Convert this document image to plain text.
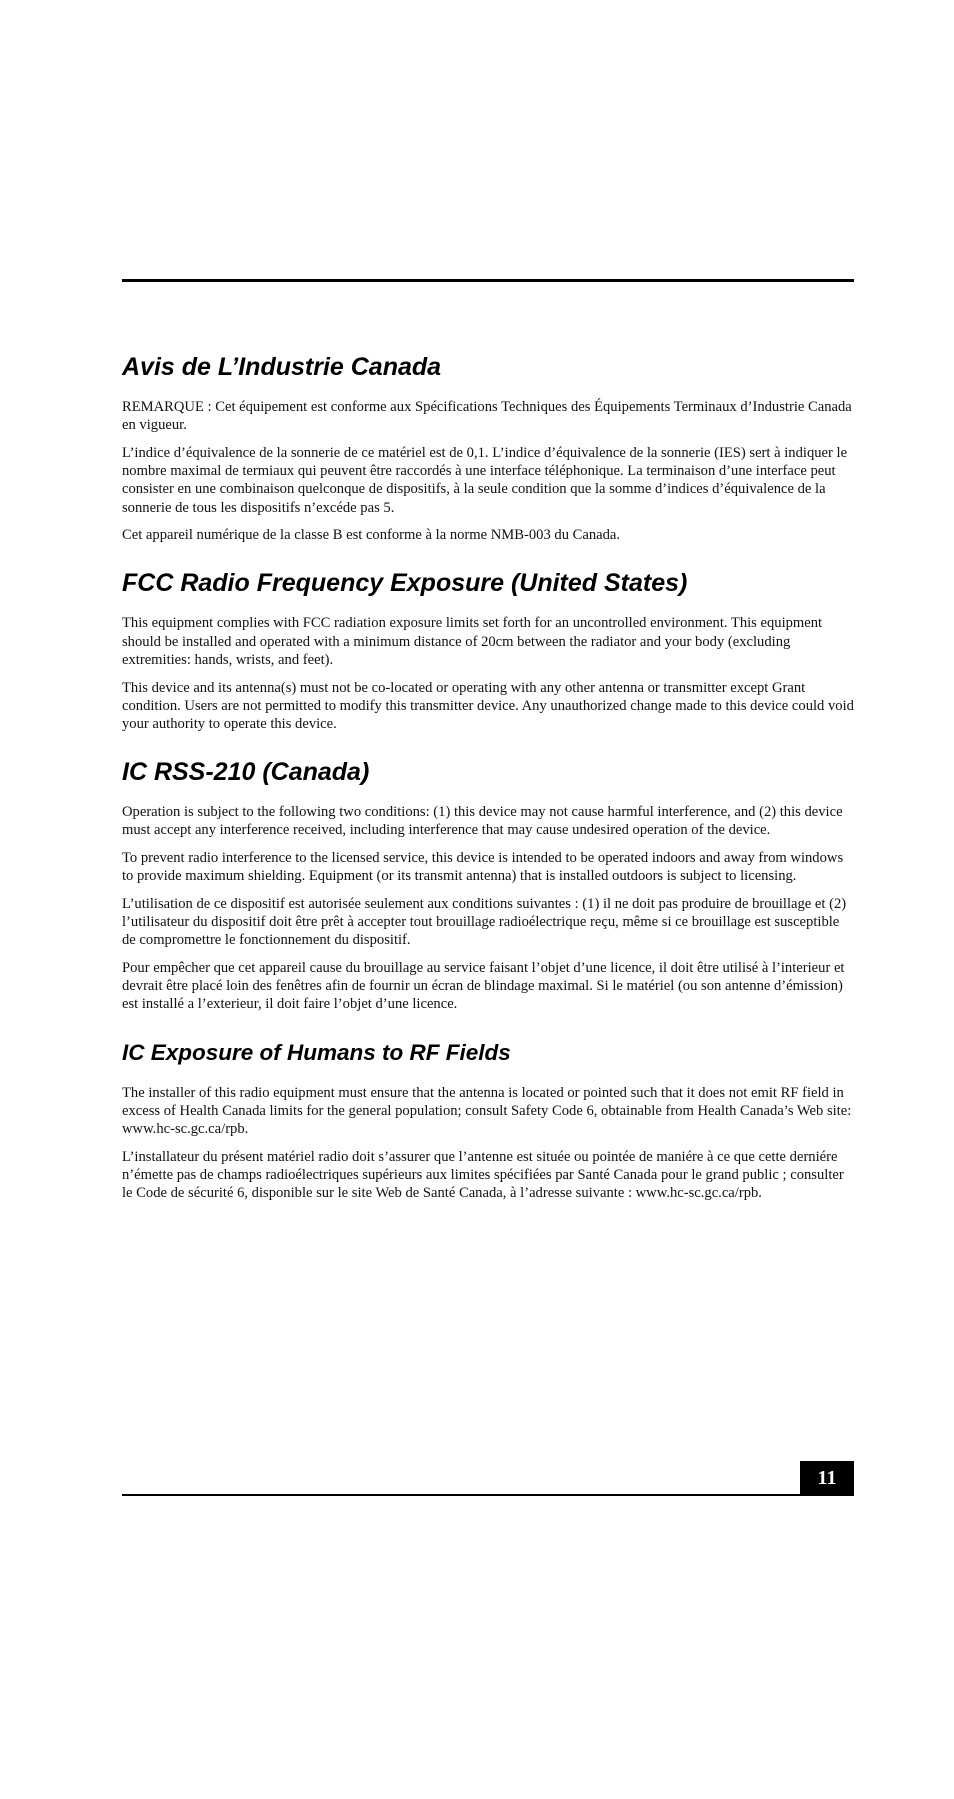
Avis de L’Industrie Canada

REMARQUE : Cet équipement est conforme aux Spécifications Techniques des Équipements Terminaux d’Industrie Canada en vigueur.

L’indice d’équivalence de la sonnerie de ce matériel est de 0,1. L’indice d’équivalence de la sonnerie (IES) sert à indiquer le nombre maximal de termiaux qui peuvent être raccordés à une interface téléphonique. La terminaison d’une interface peut consister en une combinaison quelconque de dispositifs, à la seule condition que la somme d’indices d’équivalence de la sonnerie de tous les dispositifs n’excéde pas 5.

Cet appareil numérique de la classe B est conforme à la norme NMB-003 du Canada.

FCC Radio Frequency Exposure (United States)

This equipment complies with FCC radiation exposure limits set forth for an uncontrolled environment. This equipment should be installed and operated with a minimum distance of 20cm between the radiator and your body (excluding extremities: hands, wrists, and feet).

This device and its antenna(s) must not be co-located or operating with any other antenna or transmitter except Grant condition. Users are not permitted to modify this transmitter device. Any unauthorized change made to this device could void your authority to operate this device.

IC RSS-210 (Canada)

Operation is subject to the following two conditions: (1) this device may not cause harmful interference, and (2) this device must accept any interference received, including interference that may cause undesired operation of the device.

To prevent radio interference to the licensed service, this device is intended to be operated indoors and away from windows to provide maximum shielding. Equipment (or its transmit antenna) that is installed outdoors is subject to licensing.

L’utilisation de ce dispositif est autorisée seulement aux conditions suivantes : (1) il ne doit pas produire de brouillage et (2) l’utilisateur du dispositif doit être prêt à accepter tout brouillage radioélectrique reçu, même si ce brouillage est susceptible de compromettre le fonctionnement du dispositif.

Pour empêcher que cet appareil cause du brouillage au service faisant l’objet d’une licence, il doit être utilisé à l’interieur et devrait être placé loin des fenêtres afin de fournir un écran de blindage maximal. Si le matériel (ou son antenne d’émission) est installé a l’exterieur, il doit faire l’objet d’une licence.

IC Exposure of Humans to RF Fields

The installer of this radio equipment must ensure that the antenna is located or pointed such that it does not emit RF field in excess of Health Canada limits for the general population; consult Safety Code 6, obtainable from Health Canada’s Web site: www.hc-sc.gc.ca/rpb.

L’installateur du présent matériel radio doit s’assurer que l’antenne est située ou pointée de maniére à ce que cette derniére n’émette pas de champs radioélectriques supérieurs aux limites spécifiées par Santé Canada pour le grand public ; consulter le Code de sécurité 6, disponible sur le site Web de Santé Canada, à l’adresse suivante : www.hc-sc.gc.ca/rpb.

11
